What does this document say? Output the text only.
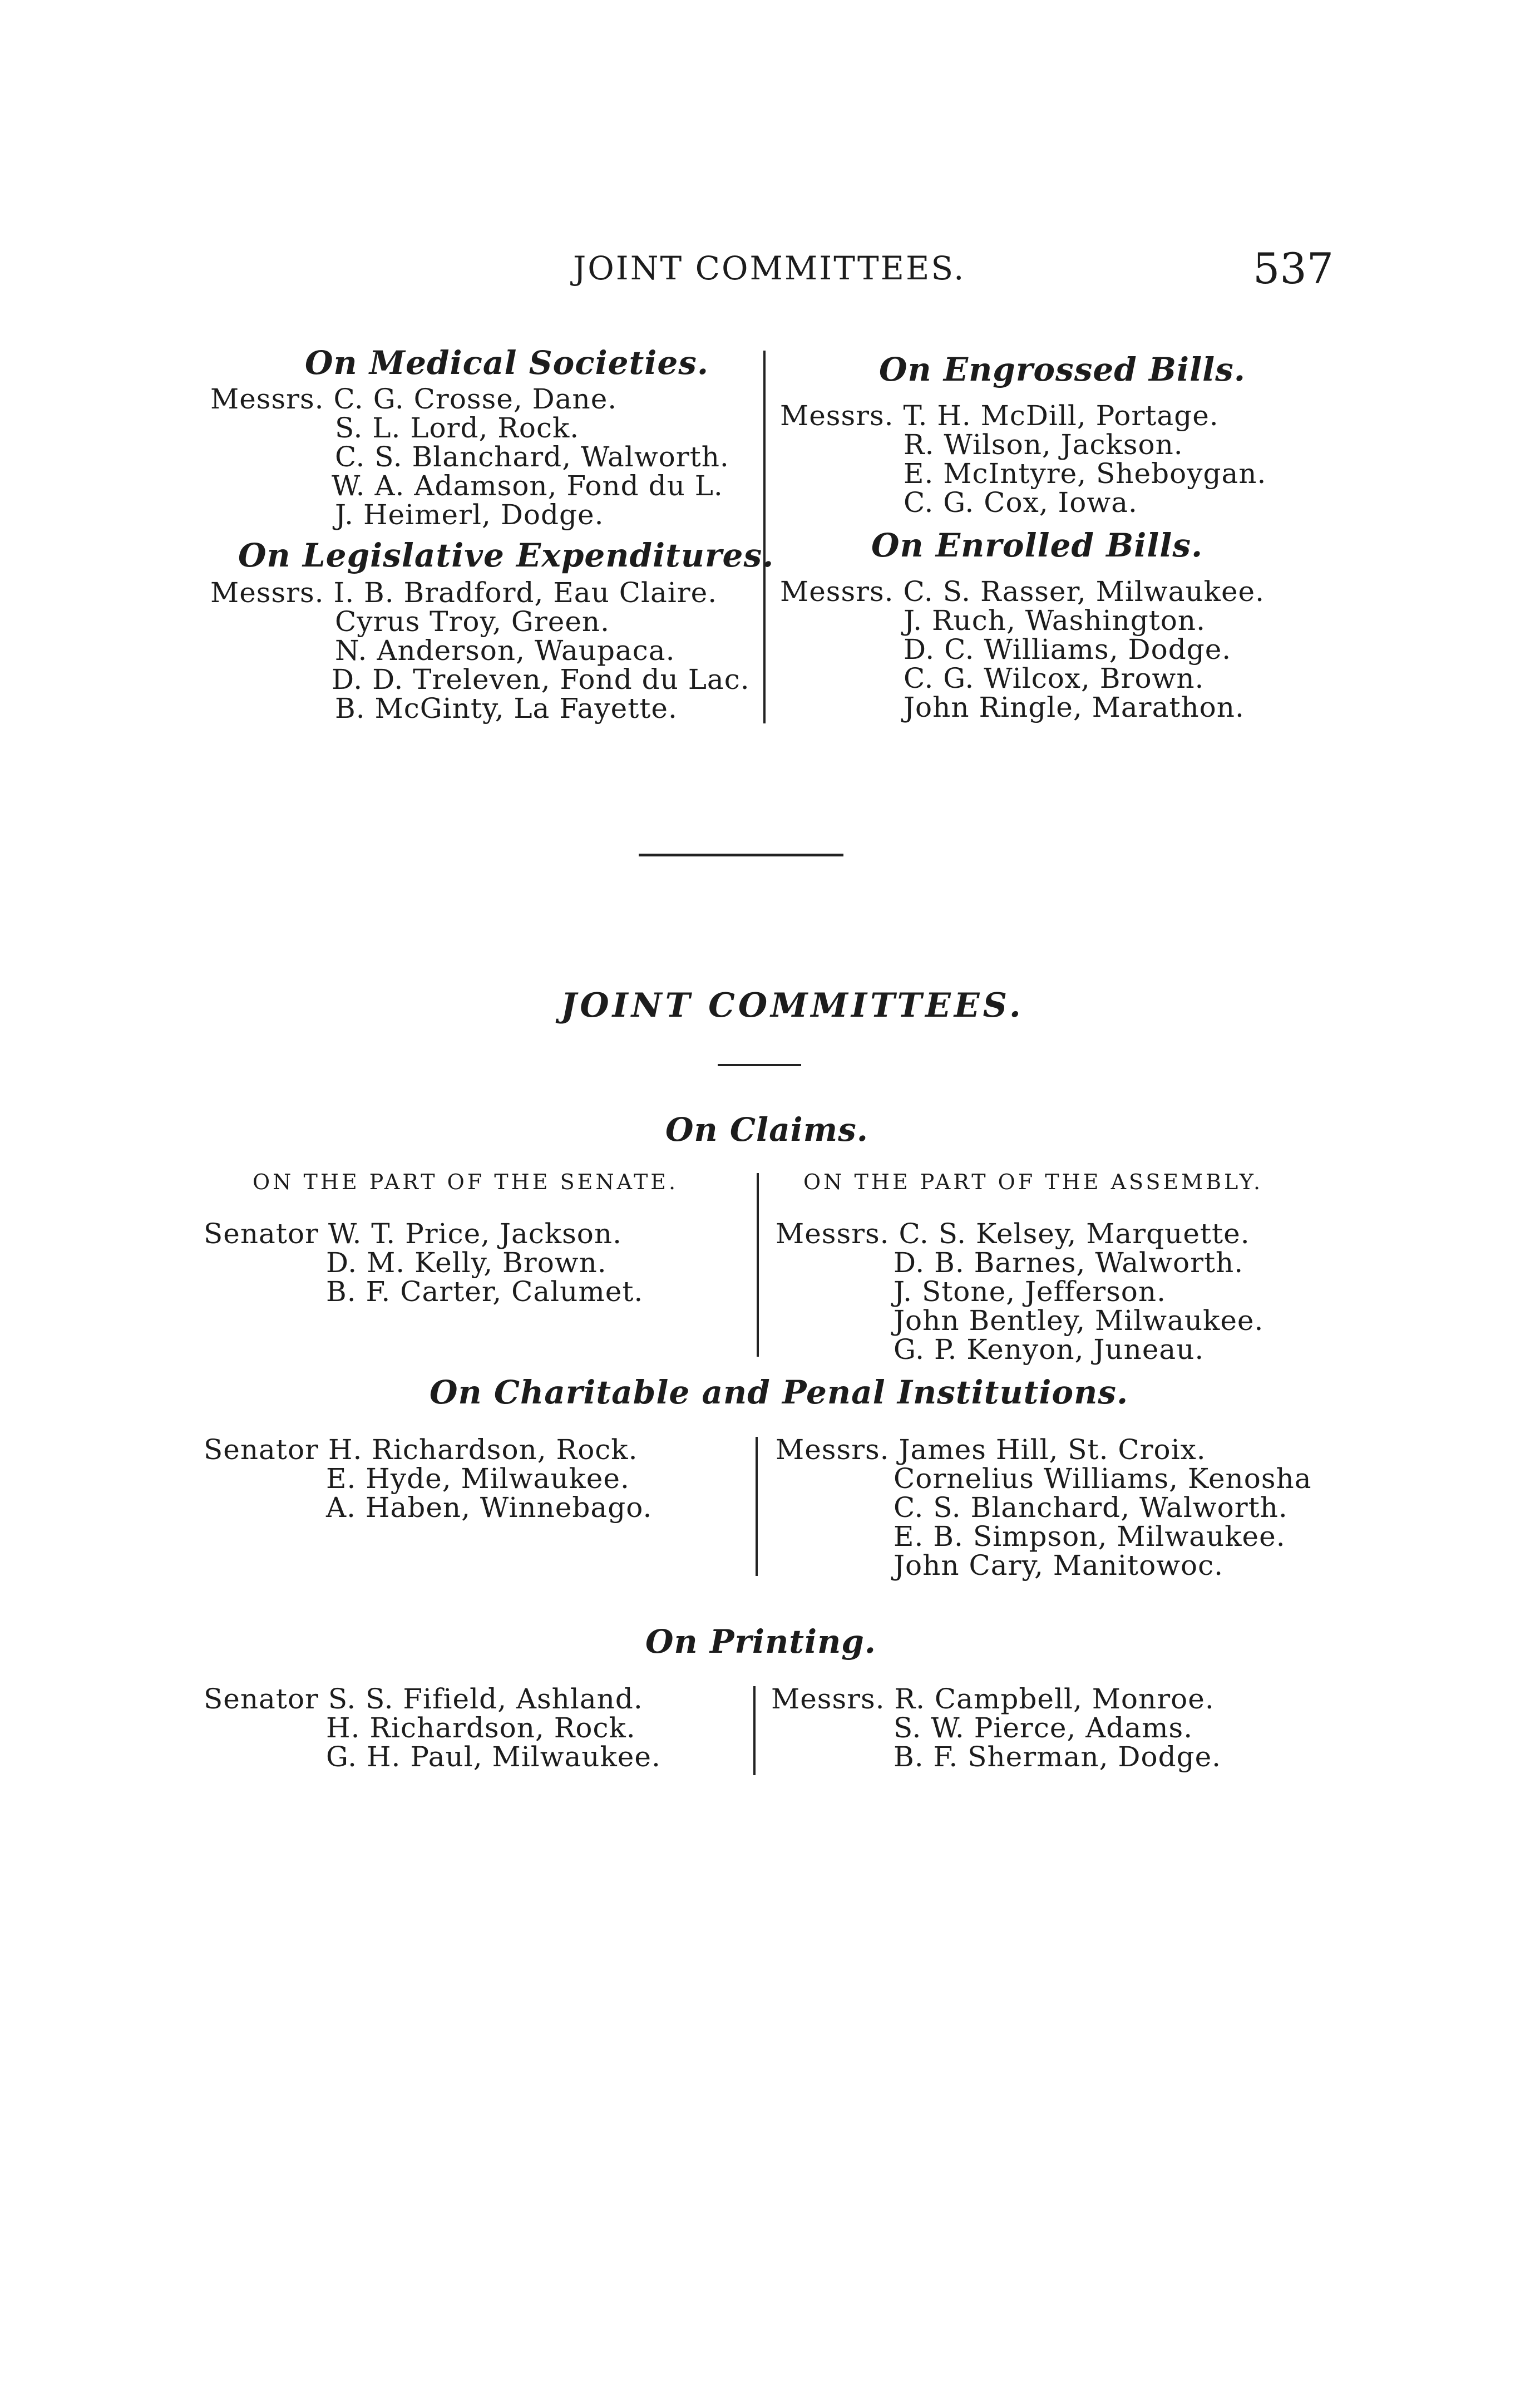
JOINT COMMITTEES.	537
On Medical Societies.
Messrs. C. G. Crosse, Dane.
S. L. Lord, Rock.
C. S. Blanchard, Walworth.
W. A. Adamson, Fond du L.
J. Heimerl, Dodge.
On Legislative Expenditures.
Messrs. I. B. Bradford, Eau Claire.
Cyrus Troy, Green.
N. Anderson, Waupaca.
D. D. Treleven, Fond du Lac.
B. McGinty, La Fayette.
On Engrossed Bills.
Messrs. T. H. McDill, Portage.
R. Wilson, Jackson.
E. McIntyre, Sheboygan.
C. G. Cox, Iowa.
On Enrolled Bills.
Messrs. C. S. Rasser, Milwaukee.
J. Ruch, Washington.
D. C. Williams, Dodge.
C. G. Wilcox, Brown.
John Ringle, Marathon.
JOINT COMMITTEES.
On Claims.
ON THE PART OF THE SENATE.	ON THE PART OF THE ASSEMBLY.
Senator W. T. Price, Jackson.
D. M. Kelly, Brown.
B. F. Carter, Calumet.
Messrs. C. S. Kelsey, Marquette.
D. B. Barnes, Walworth.
J. Stone, Jefferson.
John Bentley, Milwaukee.
G. P. Kenyon, Juneau.
On Charitable and Penal Institutions.
Senator H. Richardson, Rock.
E. Hyde, Milwaukee.
A. Haben, Winnebago.
Messrs. James Hill, St. Croix.
Cornelius Williams, Kenosha
C. S. Blanchard, Walworth.
E. B. Simpson, Milwaukee.
John Cary, Manitowoc.
On Printing.
Senator S. S. Fifield, Ashland.
H. Richardson, Rock.
G. H. Paul, Milwaukee.
Messrs. R. Campbell, Monroe.
S. W. Pierce, Adams.
B. F. Sherman, Dodge.
